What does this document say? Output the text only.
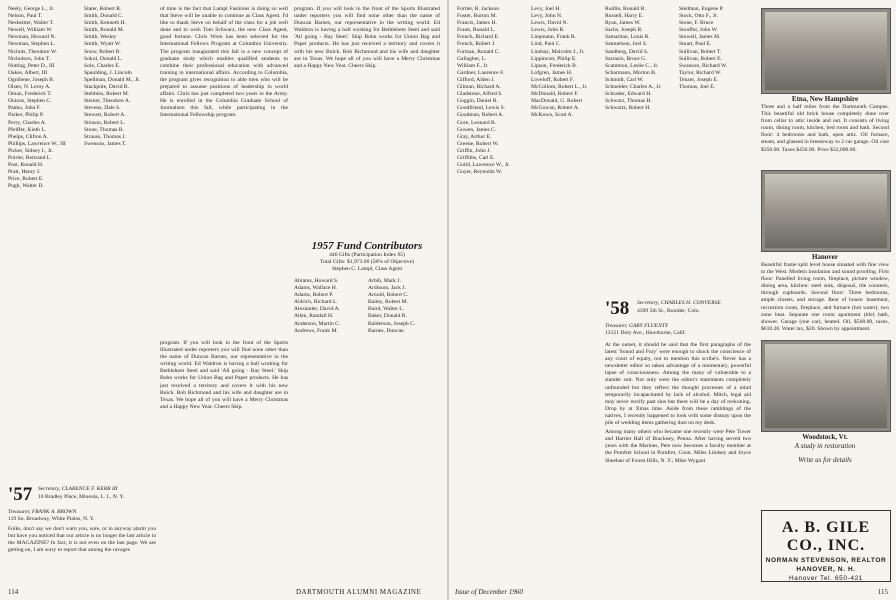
Neely, George L., Jr.
Nelson, Paul T.
Nesbeitter, Walter T.
Newell, William W.
Newman, Howard N.
Newman, Stephen L.
Nichols, Theodore W.
Nicholson, John T.
Nutting, Peter D., III
Oakes, Albert, III
Ognibene, Joseph B.
Olsen, N. Leroy A.
Oman, Frederick T.
Onions, Stephen C.
Panko, John F.
Parker, Philip P.
Perry, Charles A.
Pfeiffer, Kieth L.
Phelps, Clifton A.
Phillips, Lawrence W., III
Picker, Sidney I., Jr.
Poirier, Bertrand L.
Post, Ronald H.
Pratt, Henry J.
Price, Robert E.
Pugh, Walter D.
Slater, Robert R.
Smith, Donald C.
Smith, Kenneth H.
Smith, Ronald M.
Smith, Wesley
Smith, Wyatt W.
Snow, Robert B.
Sokol, Donald L.
Sole, Charles E.
Spaulding, J. Lincoln
Spellman, Donald M., Jr.
Stackpole, David B.
Stebbins, Robert M.
Steiner, Theodore A.
Stevens, Dale S.
Stewart, Robert A.
Stinson, Robert L.
Stone, Thomas B.
Strauss, Thomas J.
Swenson, James T.
of time is the fact that Lampl Fashions is doing so well that Steve will be unable to continue as Class Agent. I'd like to thank Steve on behalf of the class for a job well done and to wish Tom Schwarz, the new Class Agent, good fortune. Chris Wren has been selected for the International Fellows Program at Columbia University. The program inaugurated this fall is a new concept of graduate study which enables qualified students to combine their professional education with advanced training in international affairs. According to Columbia, the program gives recognition to able men who will be prepared to assume positions of leadership in world affairs. Chris has just completed two years in the Army. He is enrolled in the Columbia Graduate School of Journalism this fall, while participating in the International Fellowship program.
program. If you will look in the front of the Sports Illustrated under reporters you will find none other than the name of Duncan Barnes, our representative in the writing world. Ed Waldron is having a ball working for Bethlehem Steel and said 'All going - Bay Steel.' Skip Bohn works for Union Bag and Paper products. He has just received a territory and covers it with his new Buick. Bob Richmond and his wife and daughter are in Texas. We hope all of you will have a Merry Christmas and a Happy New Year. Cheers Skip.
program. If you will look in the front of the Sports Illustrated under reporters you will find none other than the name of Duncan Barnes, our representative in the writing world. Ed Waldron is having a ball working for Bethlehem Steel and said 'All going - Bay Steel.' Skip Bohn works for Union Bag and Paper products. He has just received a territory and covers it with his new Buick. Bob Richmond and his wife and daughter are in Texas. We hope all of you will have a Merry Christmas and a Happy New Year. Cheers Skip.
1957 Fund Contributors
446 Gifts (Participation Index 65)
Total Gifts: $1,973.00 (58% of Objective)
Stephen C. Lampl, Class Agent
Abrams, Howard S.
Adams, Wallace H.
Adams, Robert P.
Aldrich, Richard L.
Alexander, David A.
Allen, Randall H.
Anderson, Martin C.
Andrews, Frank M.
Arbib, Mark J.
Ardisson, Jack J.
Arnold, Robert C.
Bailey, Robert M.
Baird, Walter L.
Baker, Donald R.
Balderson, Joseph C.
Barnes, Duncan
'57 Secretary, CLARENCE F. KERR III
10 Bradley Place, Mineola, L. I., N. Y.
Treasurer, FRANK A. BROWN
119 So. Broadway, White Plains, N. Y.
Folks, don't say we don't warn you, sure, or in anyway alarm you but have you noticed that our article is no longer the last article in the MAGAZINE? In fact, it is not even on the last page. We are getting on, I am sorry to report that among the ravages
114	DARTMOUTH ALUMNI MAGAZINE
Fortier, R. Jackson
Foster, Burton M.
Francis, James H.
Frank, Ronald L.
French, Richard E.
French, Robert J.
Furman, Ronald C.
Gallagher, L.
William F., Jr.
Gardner, Laurence F.
Gifford, Alden J.
Gilman, Richard A.
Gladstone, Alfred S.
Goggin, Daniel R.
Goodfriend, Lewis S.
Goodman, Robert A.
Gore, Leonard B.
Gowen, James C.
Gray, Arthur E.
Greene, Robert W.
Griffin, John J.
Griffiths, Carl E.
Guild, Lawrence W., Jr.
Guyer, Reynolds W.
Levy, Joel H.
Levy, John N.
Lewis, David N.
Lewis, John B.
Liepmann, Frank R.
Lind, Paul C.
Lindsay, Malcolm J., Jr.
Lippincott, Philip E.
Lipson, Frederick B.
Lofgren, James H.
Loveloff, Robert F.
McCollom, Robert L., Jr.
McDonald, Robert F.
MacDonald, G. Robert
McGowan, Robert A.
McKown, Scott A.
Rudlin, Ronald B.
Russell, Harry E.
Ryan, James W.
Sachs, Joseph R.
Samaritan, Louis R.
Samuelson, Joel S.
Sandberg, David S.
Sarrazin, Bruce G.
Scammon, Leslie C., Jr.
Scharmann, Morton B.
Schmidt, Carl W.
Schneider, Charles A., Jr.
Schrader, Edward H.
Schwarz, Thomas H.
Schwartz, Robert H.
Stedman, Eugene P.
Stock, Otto F., Jr.
Stone, F. Bruce
Stouffer, John W.
Stowell, James M.
Stuart, Paul E.
Sullivan, Robert T.
Sullivan, Robert E.
Swanson, Richard W.
Taylor, Richard W.
Tenzer, Joseph E.
Thomas, Joel E.
'58 Secretary, CHARLES H. CONVERSE
4309 5th St., Boulder, Colo.
Treasurer, GARY FLUENTY
13121 Doty Ave., Hawthorne, Calif.
At the outset, it should be said that the first paragraphs of the latest 'Sound and Fury' were enough to shock the conscience of any court of equity, not to mention this scribe's. Never has a newsletter editor so taken advantage of a momentary, powerful lapse of consciousness. Among the many of vulnerable to a slander suit. Not only were the editor's statements completely unfounded but they reflect the thought processes of a mind temporarily incapacitated by lack of alcohol. Mitch, legal aid may never rectify past sins but there will be a day of reckoning. Drop by at Xmas time. Aside from these ramblings of the natives, I recently happened to look with some dismay upon the pile of wedding items gathering dust on my desk.
Among many others who became one recently were Pete Tower and Harriet Hall of Brackney, Penna. After having served two years with the Marines, Pete now becomes a faculty member at the Pomfret School in Pomfret, Conn. Miles Lindsey and Joyce Sheehan of Forest Hills, N. Y.; Mike Wygant
Etna, New Hampshire
Three and a half miles from the Dartmouth Campus. This beautiful old brick house completely done over from cellar to attic inside and out. It consists of living room, dining room, kitchen, bed room and bath. Second floor: 4 bedrooms and bath, open attic. Oil furnace, steam, and glassed in breezeway to 2 car garage. Oil cost $350.00. Taxes $456.00. Price $32,000.00.
Hanover
Beautiful frame split level house situated with fine view to the West. Modern insulation and sound proofing. First floor: Panelled living room, fireplace, picture window, dining area, kitchen: steel sink, disposal, tile counters, through cupboards. Second floor: Three bedrooms, ample closets, and storage. Rear of house: basement, recreation room, fireplace, and furnace (hot water), two zone heat. Separate one room apartment (tile) bath, shower. Garage (one car), heated. Oil, $568.00, taxes, $610.20. Water tax, $20. Shown by appointment.
Woodstock, Vt.
A study in restoration
Write us for details
A. B. GILE CO., INC.
NORMAN STEVENSON, REALTOR
HANOVER, N. H.
Hanover Tel. 650-421
Issue of December 1960	115
